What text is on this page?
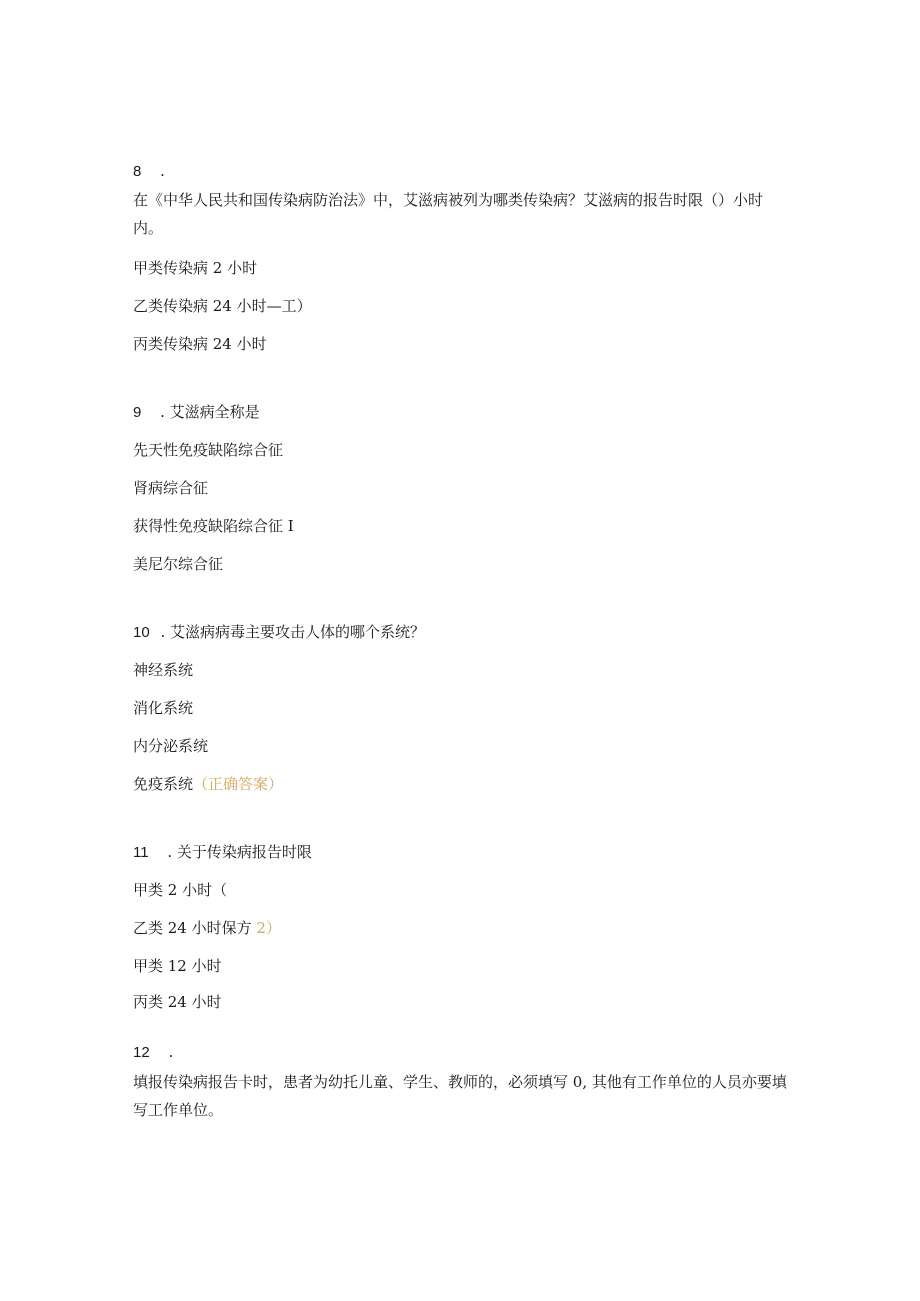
8 .
在《中华人民共和国传染病防治法》中，艾滋病被列为哪类传染病？艾滋病的报告时限（）小时内。
甲类传染病 2 小时
乙类传染病 24 小时—工）
丙类传染病 24 小时
9 . 艾滋病全称是
先天性免疫缺陷综合征
肾病综合征
获得性免疫缺陷综合征 I
美尼尔综合征
10 . 艾滋病病毒主要攻击人体的哪个系统？
神经系统
消化系统
内分泌系统
免疫系统（正确答案）
11 . 关于传染病报告时限
甲类 2 小时（
乙类 24 小时保方 2）
甲类 12 小时
丙类 24 小时
12 .
填报传染病报告卡时，患者为幼托儿童、学生、教师的，必须填写 0, 其他有工作单位的人员亦要填写工作单位。
